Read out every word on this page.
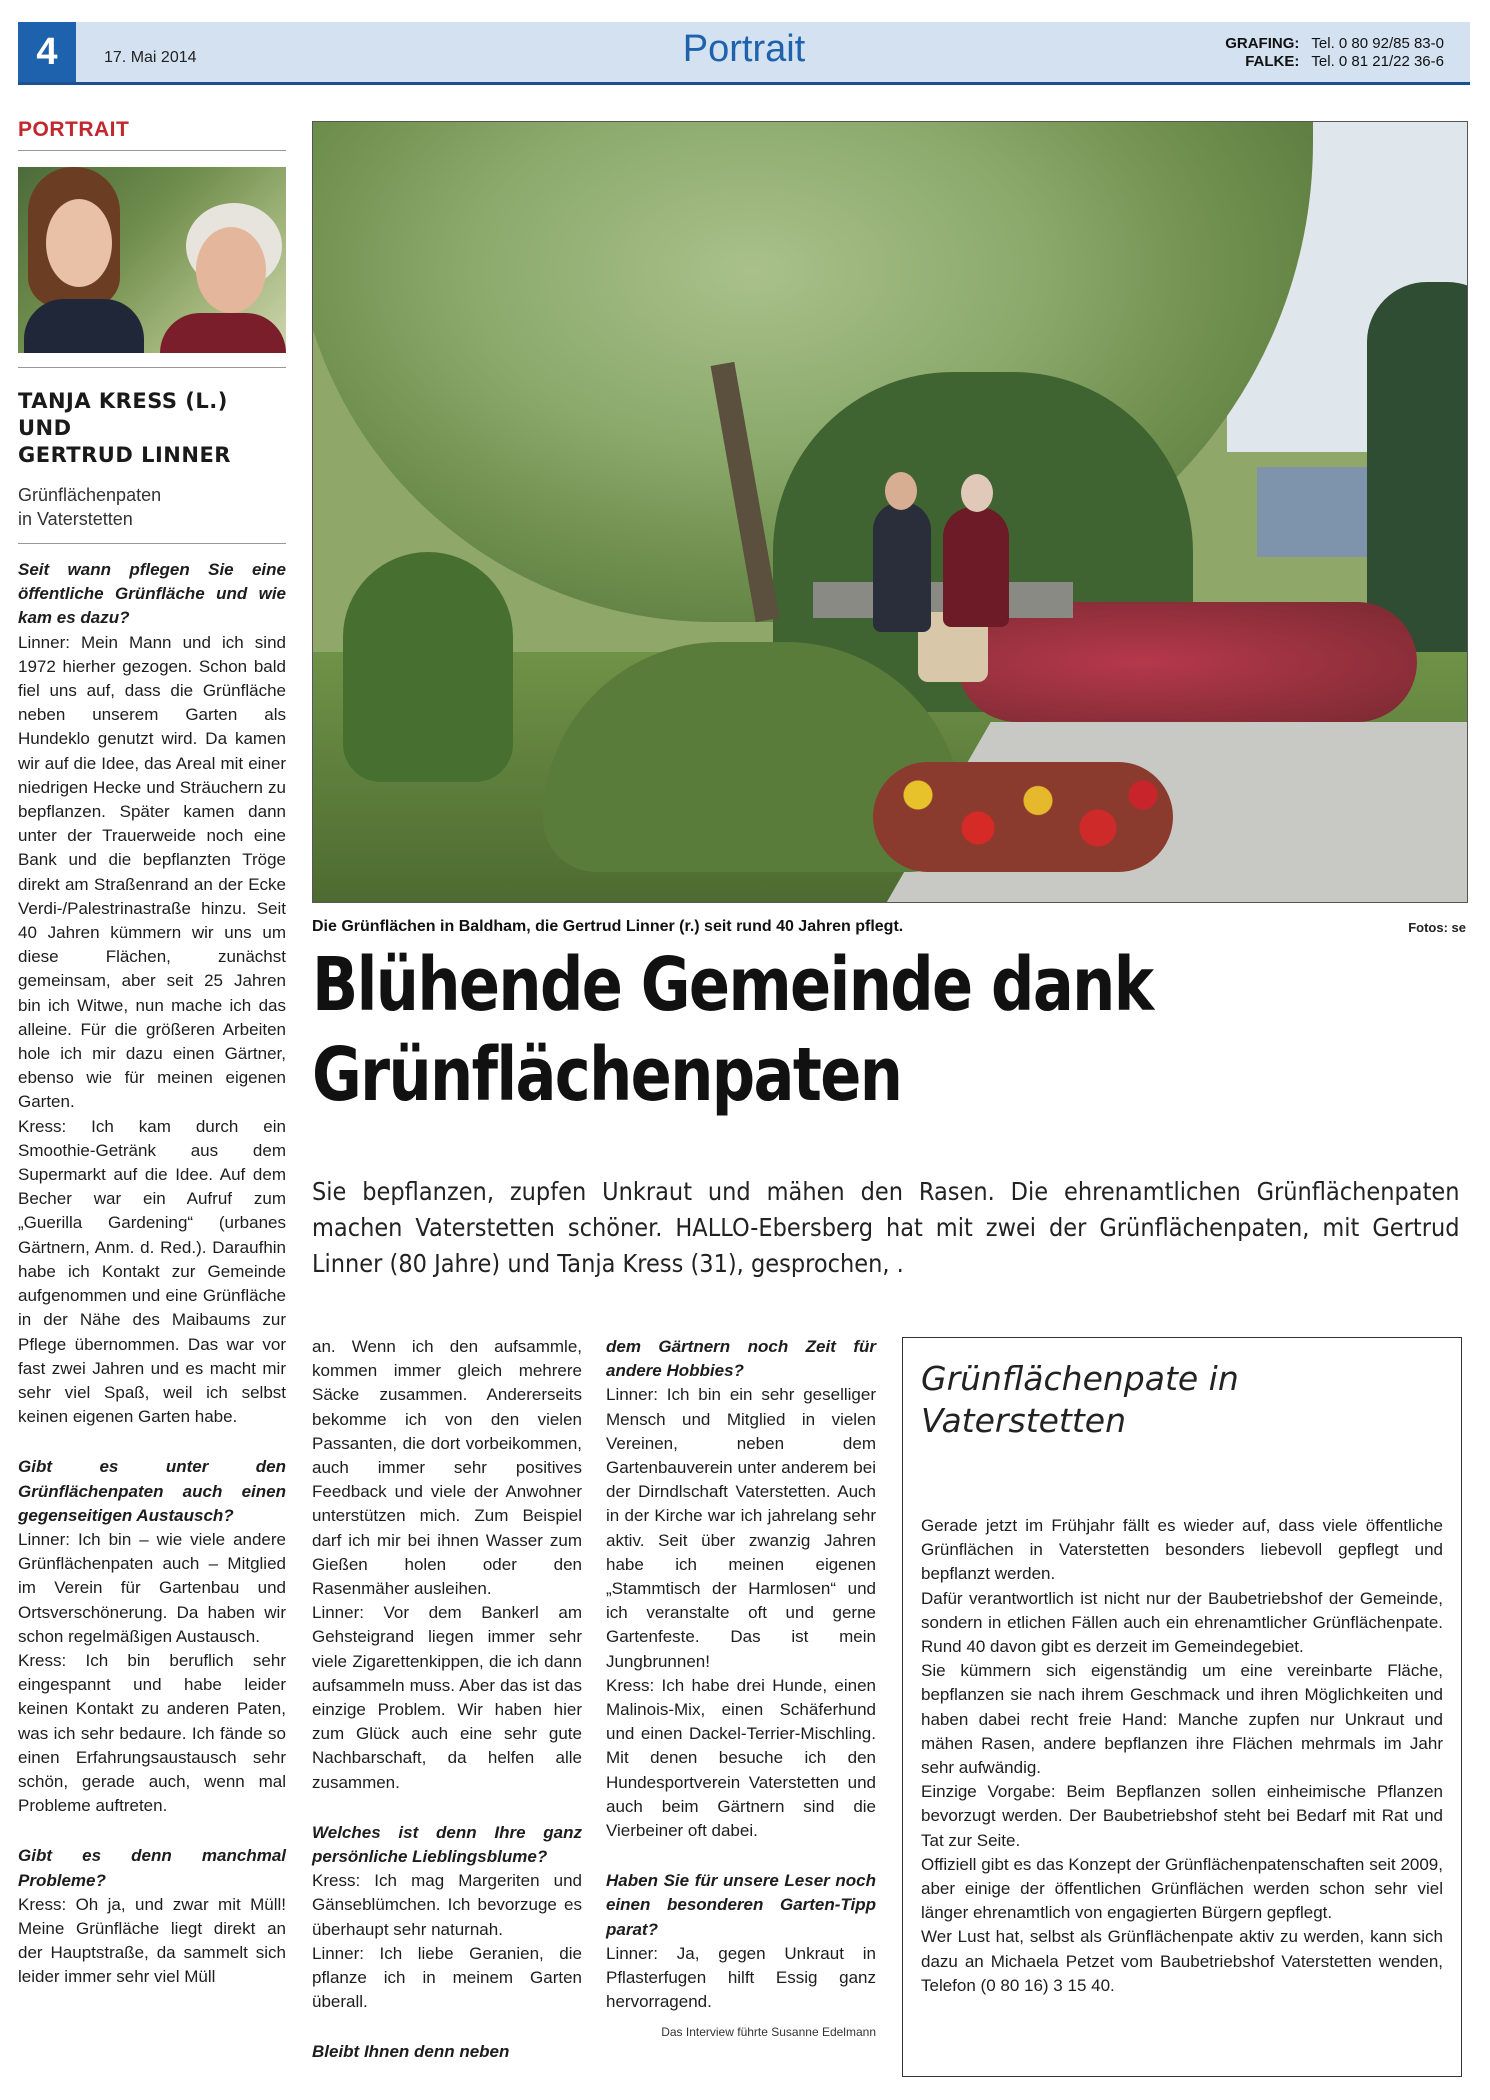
4	17. Mai 2014	Portrait	GRAFING: Tel. 0 80 92/85 83-0
FALKE: Tel. 0 81 21/22 36-6
PORTRAIT
TANJA KRESS (L.) UND
GERTRUD LINNER
Grünflächenpaten
in Vaterstetten

Seit wann pflegen Sie eine öffentliche Grünfläche und wie kam es dazu?

Linner: Mein Mann und ich sind 1972 hierher gezogen. Schon bald fiel uns auf, dass die Grünfläche neben unserem Garten als Hundeklo genutzt wird. Da kamen wir auf die Idee, das Areal mit einer niedrigen Hecke und Sträuchern zu bepflanzen. Später kamen dann unter der Trauerweide noch eine Bank und die bepflanzten Tröge direkt am Straßenrand an der Ecke Verdi-/Palestrinastraße hinzu. Seit 40 Jahren kümmern wir uns um diese Flächen, zunächst gemeinsam, aber seit 25 Jahren bin ich Witwe, nun mache ich das alleine. Für die größeren Arbeiten hole ich mir dazu einen Gärtner, ebenso wie für meinen eigenen Garten.

Kress: Ich kam durch ein Smoothie-Getränk aus dem Supermarkt auf die Idee. Auf dem Becher war ein Aufruf zum „Guerilla Gardening“ (urbanes Gärtnern, Anm. d. Red.). Daraufhin habe ich Kontakt zur Gemeinde aufgenommen und eine Grünfläche in der Nähe des Maibaums zur Pflege übernommen. Das war vor fast zwei Jahren und es macht mir sehr viel Spaß, weil ich selbst keinen eigenen Garten habe.

Gibt es unter den Grünflächenpaten auch einen gegenseitigen Austausch?

Linner: Ich bin – wie viele andere Grünflächenpaten auch – Mitglied im Verein für Gartenbau und Ortsverschönerung. Da haben wir schon regelmäßigen Austausch.

Kress: Ich bin beruflich sehr eingespannt und habe leider keinen Kontakt zu anderen Paten, was ich sehr bedaure. Ich fände so einen Erfahrungsaustausch sehr schön, gerade auch, wenn mal Probleme auftreten.

Gibt es denn manchmal Probleme?

Kress: Oh ja, und zwar mit Müll! Meine Grünfläche liegt direkt an der Hauptstraße, da sammelt sich leider immer sehr viel Müll

Die Grünflächen in Baldham, die Gertrud Linner (r.) seit rund 40 Jahren pflegt.	Fotos: se
Blühende Gemeinde dank
Grünflächenpaten
Sie bepflanzen, zupfen Unkraut und mähen den Rasen. Die ehrenamtlichen Grünflächenpaten machen Vaterstetten schöner. HALLO-Ebersberg hat mit zwei der Grünflächenpaten, mit Gertrud Linner (80 Jahre) und Tanja Kress (31), gesprochen, .

an. Wenn ich den aufsammle, kommen immer gleich mehrere Säcke zusammen. Andererseits bekomme ich von den vielen Passanten, die dort vorbeikommen, auch immer sehr positives Feedback und viele der Anwohner unterstützen mich. Zum Beispiel darf ich mir bei ihnen Wasser zum Gießen holen oder den Rasenmäher ausleihen.

Linner: Vor dem Bankerl am Gehsteigrand liegen immer sehr viele Zigarettenkippen, die ich dann aufsammeln muss. Aber das ist das einzige Problem. Wir haben hier zum Glück auch eine sehr gute Nachbarschaft, da helfen alle zusammen.

Welches ist denn Ihre ganz persönliche Lieblingsblume?

Kress: Ich mag Margeriten und Gänseblümchen. Ich bevorzuge es überhaupt sehr naturnah.

Linner: Ich liebe Geranien, die pflanze ich in meinem Garten überall.

Bleibt Ihnen denn neben

dem Gärtnern noch Zeit für andere Hobbies?

Linner: Ich bin ein sehr geselliger Mensch und Mitglied in vielen Vereinen, neben dem Gartenbauverein unter anderem bei der Dirndlschaft Vaterstetten. Auch in der Kirche war ich jahrelang sehr aktiv. Seit über zwanzig Jahren habe ich meinen eigenen „Stammtisch der Harmlosen“ und ich veranstalte oft und gerne Gartenfeste. Das ist mein Jungbrunnen!

Kress: Ich habe drei Hunde, einen Malinois-Mix, einen Schäferhund und einen Dackel-Terrier-Mischling. Mit denen besuche ich den Hundesportverein Vaterstetten und auch beim Gärtnern sind die Vierbeiner oft dabei.

Haben Sie für unsere Leser noch einen besonderen Garten-Tipp parat?

Linner: Ja, gegen Unkraut in Pflasterfugen hilft Essig ganz hervorragend.

Das Interview führte Susanne Edelmann
Grünflächenpate in Vaterstetten

Gerade jetzt im Frühjahr fällt es wieder auf, dass viele öffentliche Grünflächen in Vaterstetten besonders liebevoll gepflegt und bepflanzt werden.

Dafür verantwortlich ist nicht nur der Baubetriebshof der Gemeinde, sondern in etlichen Fällen auch ein ehrenamtlicher Grünflächenpate. Rund 40 davon gibt es derzeit im Gemeindegebiet.

Sie kümmern sich eigenständig um eine vereinbarte Fläche, bepflanzen sie nach ihrem Geschmack und ihren Möglichkeiten und haben dabei recht freie Hand: Manche zupfen nur Unkraut und mähen Rasen, andere bepflanzen ihre Flächen mehrmals im Jahr sehr aufwändig.

Einzige Vorgabe: Beim Bepflanzen sollen einheimische Pflanzen bevorzugt werden. Der Baubetriebshof steht bei Bedarf mit Rat und Tat zur Seite.

Offiziell gibt es das Konzept der Grünflächenpatenschaften seit 2009, aber einige der öffentlichen Grünflächen werden schon sehr viel länger ehrenamtlich von engagierten Bürgern gepflegt.

Wer Lust hat, selbst als Grünflächenpate aktiv zu werden, kann sich dazu an Michaela Petzet vom Baubetriebshof Vaterstetten wenden, Telefon (0 80 16) 3 15 40.
